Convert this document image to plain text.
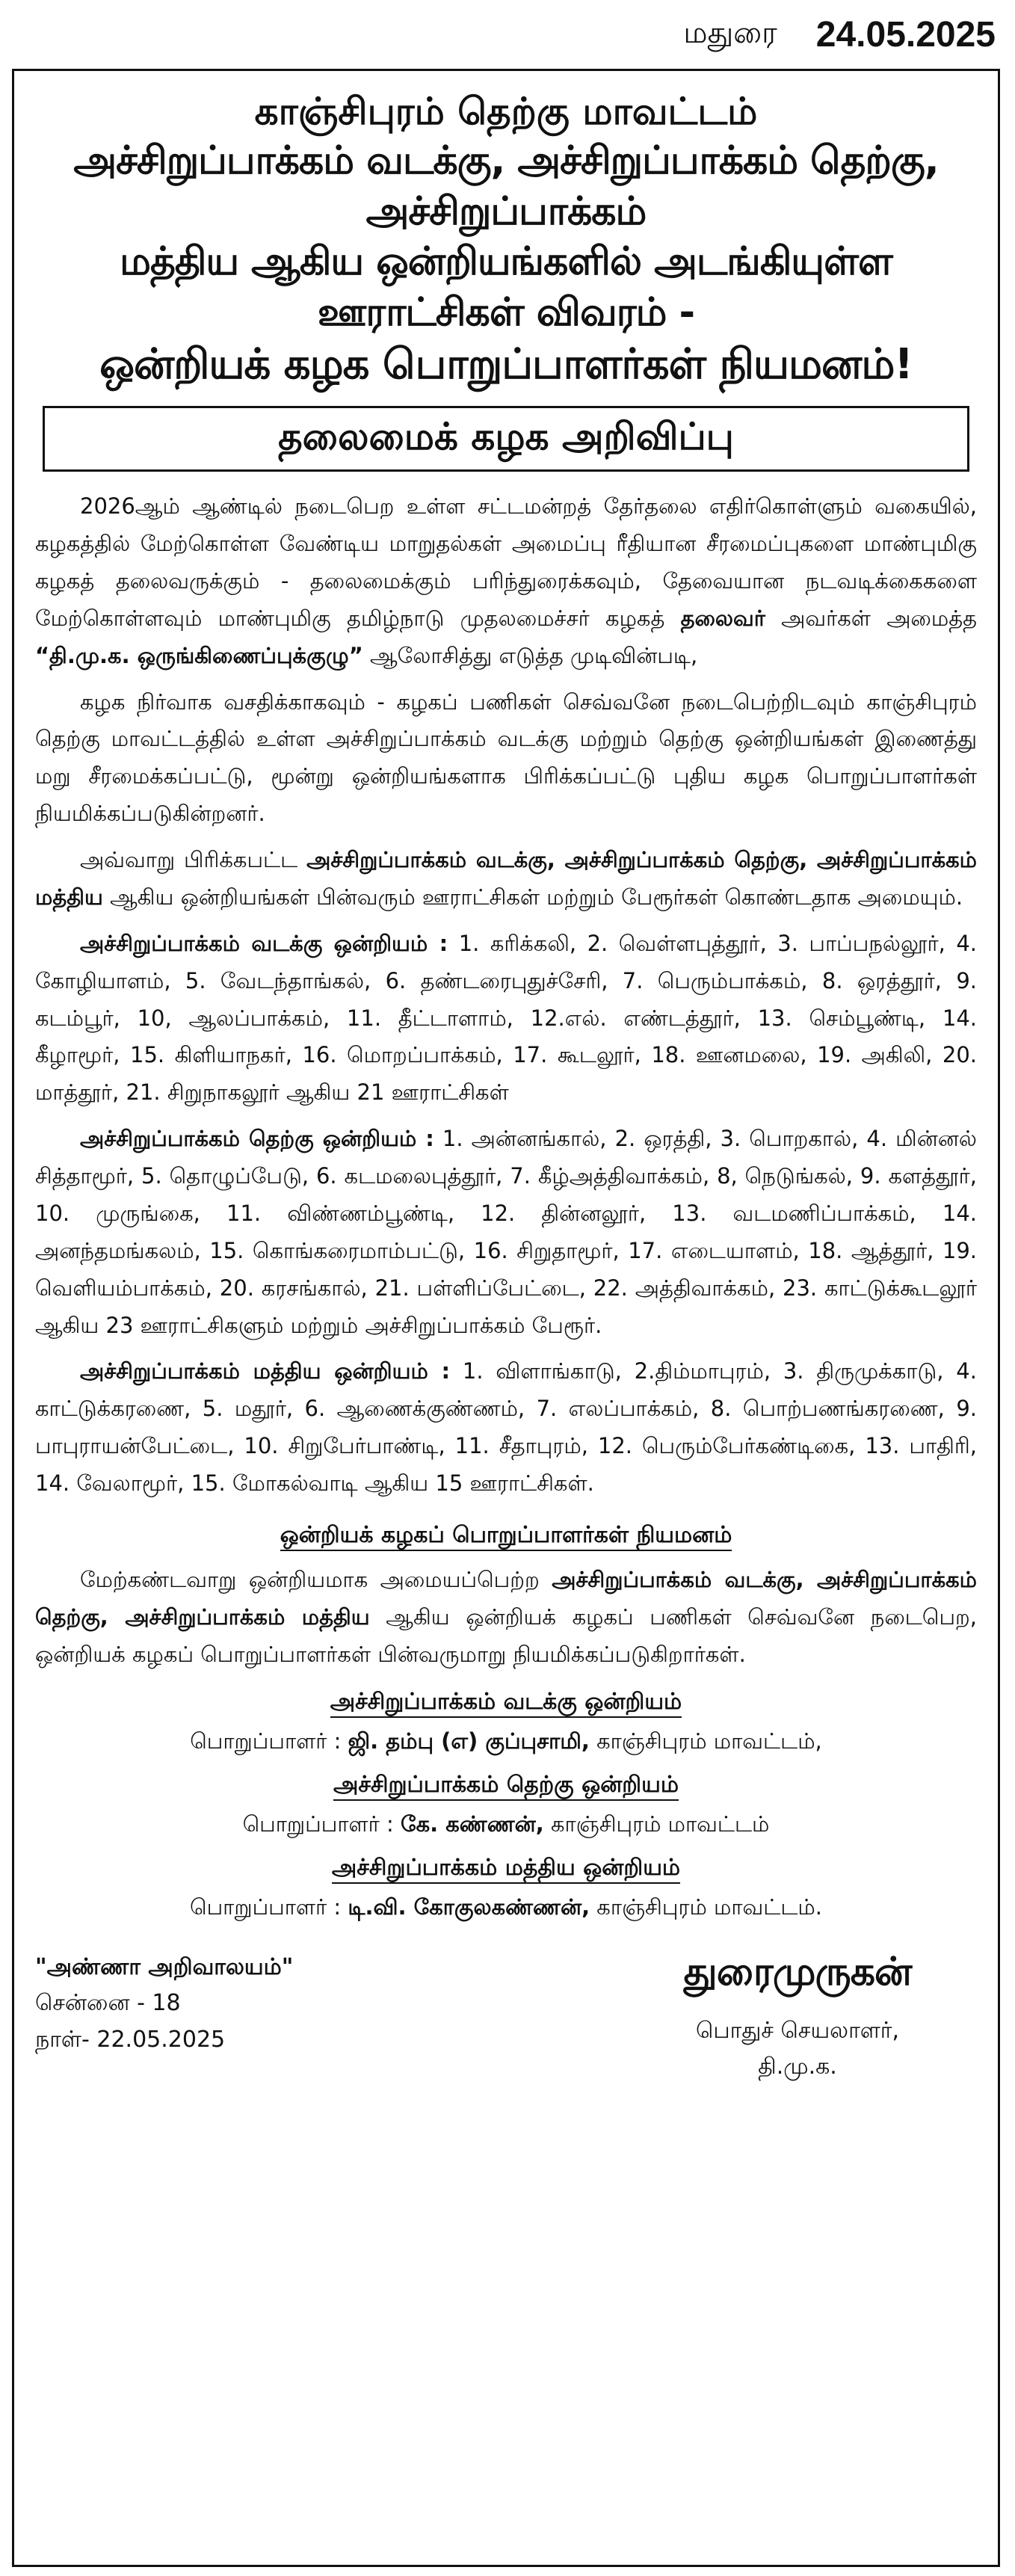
மதுரை 24.05.2025
காஞ்சிபுரம் தெற்கு மாவட்டம்
அச்சிறுப்பாக்கம் வடக்கு, அச்சிறுப்பாக்கம் தெற்கு, அச்சிறுப்பாக்கம்
மத்திய ஆகிய ஒன்றியங்களில் அடங்கியுள்ள ஊராட்சிகள் விவரம் -
ஒன்றியக் கழக பொறுப்பாளர்கள் நியமனம்!
தலைமைக் கழக அறிவிப்பு

2026ஆம் ஆண்டில் நடைபெற உள்ள சட்டமன்றத் தேர்தலை எதிர்கொள்ளும் வகையில், கழகத்தில் மேற்கொள்ள வேண்டிய மாறுதல்கள் அமைப்பு ரீதியான சீரமைப்புகளை மாண்புமிகு கழகத் தலைவருக்கும் - தலைமைக்கும் பரிந்துரைக்கவும், தேவையான நடவடிக்கைகளை மேற்கொள்ளவும் மாண்புமிகு தமிழ்நாடு முதலமைச்சர் கழகத் தலைவர் அவர்கள் அமைத்த “தி.மு.க. ஒருங்கிணைப்புக்குழு” ஆலோசித்து எடுத்த முடிவின்படி,

கழக நிர்வாக வசதிக்காகவும் - கழகப் பணிகள் செவ்வனே நடைபெற்றிடவும் காஞ்சிபுரம் தெற்கு மாவட்டத்தில் உள்ள அச்சிறுப்பாக்கம் வடக்கு மற்றும் தெற்கு ஒன்றியங்கள் இணைத்து மறு சீரமைக்கப்பட்டு, மூன்று ஒன்றியங்களாக பிரிக்கப்பட்டு புதிய கழக பொறுப்பாளர்கள் நியமிக்கப்படுகின்றனர்.

அவ்வாறு பிரிக்கபட்ட அச்சிறுப்பாக்கம் வடக்கு, அச்சிறுப்பாக்கம் தெற்கு, அச்சிறுப்பாக்கம் மத்திய ஆகிய ஒன்றியங்கள் பின்வரும் ஊராட்சிகள் மற்றும் பேரூர்கள் கொண்டதாக அமையும்.

அச்சிறுப்பாக்கம் வடக்கு ஒன்றியம் : 1. கரிக்கலி, 2. வெள்ளபுத்தூர், 3. பாப்பநல்லூர், 4. கோழியாளம், 5. வேடந்தாங்கல், 6. தண்டரைபுதுச்சேரி, 7. பெரும்பாக்கம், 8. ஒரத்தூர், 9. கடம்பூர், 10, ஆலப்பாக்கம், 11. தீட்டாளாம், 12.எல். எண்டத்தூர், 13. செம்பூண்டி, 14. கீழாமூர், 15. கிளியாநகர், 16. மொறப்பாக்கம், 17. கூடலூர், 18. ஊனமலை, 19. அகிலி, 20. மாத்தூர், 21. சிறுநாகலூர் ஆகிய 21 ஊராட்சிகள்

அச்சிறுப்பாக்கம் தெற்கு ஒன்றியம் : 1. அன்னங்கால், 2. ஒரத்தி, 3. பொறகால், 4. மின்னல் சித்தாமூர், 5. தொழுப்பேடு, 6. கடமலைபுத்தூர், 7. கீழ்அத்திவாக்கம், 8, நெடுங்கல், 9. களத்தூர், 10. முருங்கை, 11. விண்ணம்பூண்டி, 12. தின்னலூர், 13. வடமணிப்பாக்கம், 14. அனந்தமங்கலம், 15. கொங்கரைமாம்பட்டு, 16. சிறுதாமூர், 17. எடையாளம், 18. ஆத்தூர், 19. வெளியம்பாக்கம், 20. கரசங்கால், 21. பள்ளிப்பேட்டை, 22. அத்திவாக்கம், 23. காட்டுக்கூடலூர் ஆகிய 23 ஊராட்சிகளும் மற்றும் அச்சிறுப்பாக்கம் பேரூர்.

அச்சிறுப்பாக்கம் மத்திய ஒன்றியம் : 1. விளாங்காடு, 2.திம்மாபுரம், 3. திருமுக்காடு, 4. காட்டுக்கரணை, 5. மதூர், 6. ஆணைக்குண்ணம், 7. எலப்பாக்கம், 8. பொற்பணங்கரணை, 9. பாபுராயன்பேட்டை, 10. சிறுபேர்பாண்டி, 11. சீதாபுரம், 12. பெரும்பேர்கண்டிகை, 13. பாதிரி, 14. வேலாமூர், 15. மோகல்வாடி ஆகிய 15 ஊராட்சிகள்.

ஒன்றியக் கழகப் பொறுப்பாளர்கள் நியமனம்

மேற்கண்டவாறு ஒன்றியமாக அமையப்பெற்ற அச்சிறுப்பாக்கம் வடக்கு, அச்சிறுப்பாக்கம் தெற்கு, அச்சிறுப்பாக்கம் மத்திய ஆகிய ஒன்றியக் கழகப் பணிகள் செவ்வனே நடைபெற, ஒன்றியக் கழகப் பொறுப்பாளர்கள் பின்வருமாறு நியமிக்கப்படுகிறார்கள்.

அச்சிறுப்பாக்கம் வடக்கு ஒன்றியம்
பொறுப்பாளர் : ஜி. தம்பு (எ) குப்புசாமி, காஞ்சிபுரம் மாவட்டம்,
அச்சிறுப்பாக்கம் தெற்கு ஒன்றியம்
பொறுப்பாளர் : கே. கண்ணன், காஞ்சிபுரம் மாவட்டம்
அச்சிறுப்பாக்கம் மத்திய ஒன்றியம்
பொறுப்பாளர் : டி.வி. கோகுலகண்ணன், காஞ்சிபுரம் மாவட்டம்.
"அண்ணா அறிவாலயம்"
சென்னை - 18
நாள்- 22.05.2025
துரைமுருகன்
பொதுச் செயலாளர்,
தி.மு.க.
